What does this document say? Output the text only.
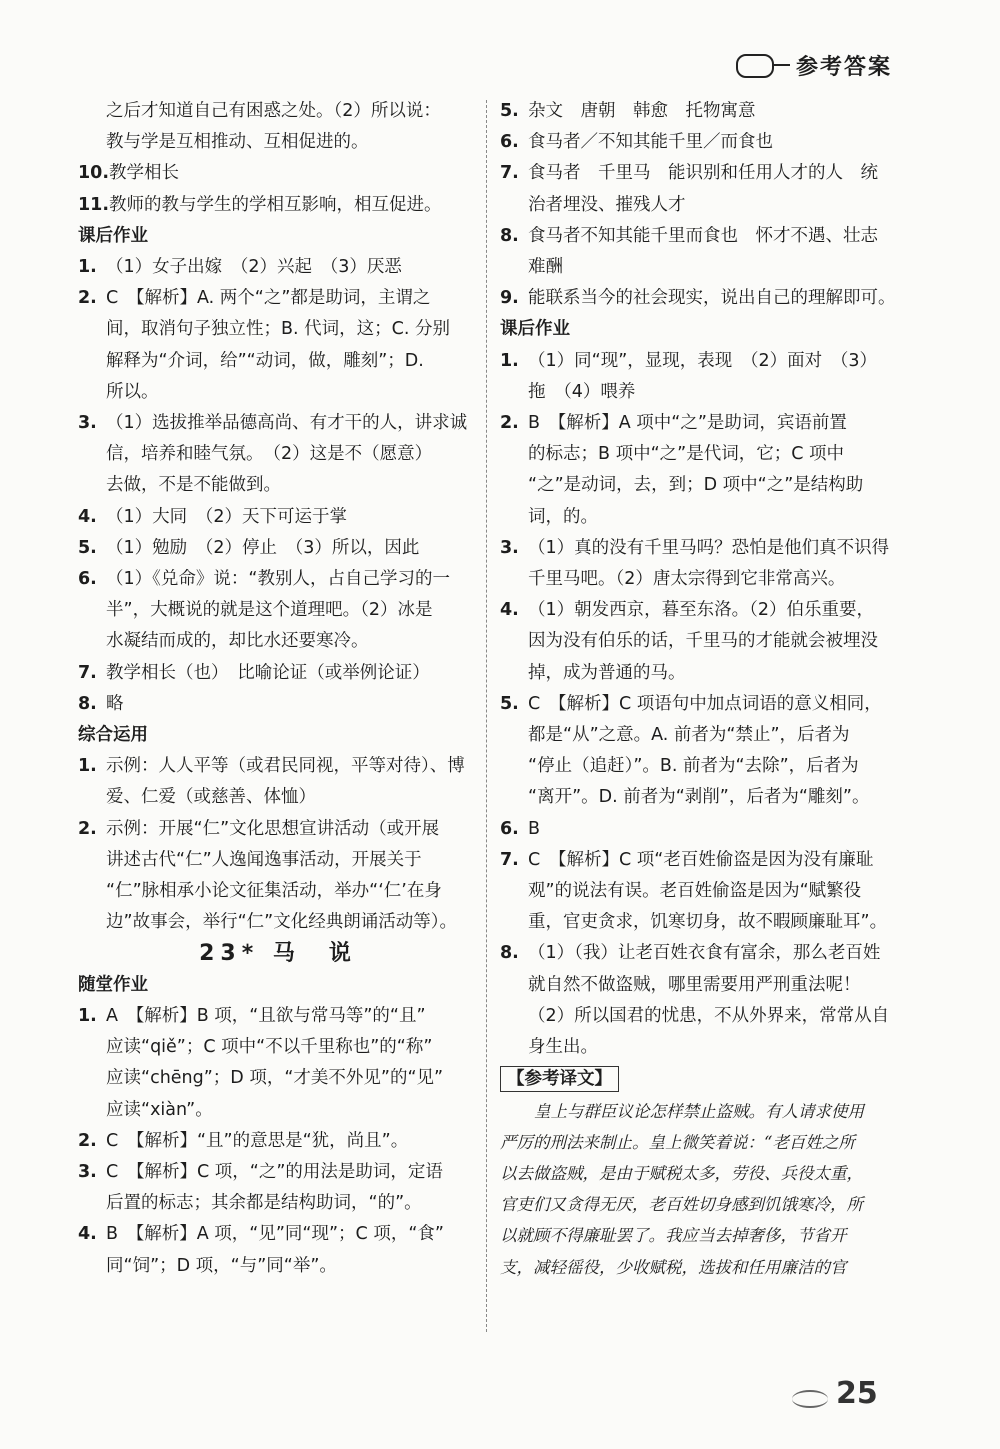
参考答案
之后才知道自己有困惑之处。（2）所以说：
教与学是互相推动、互相促进的。
10.教学相长
11.教师的教与学生的学相互影响，相互促进。
课后作业
1. （1）女子出嫁　（2）兴起　（3）厌恶
2. C　【解析】A. 两个“之”都是助词，主谓之
间，取消句子独立性；B. 代词，这；C. 分别
解释为“介词，给”“动词，做，雕刻”；D.
所以。
3. （1）选拔推举品德高尚、有才干的人，讲求诚
信，培养和睦气氛。　（2）这是不（愿意）
去做，不是不能做到。
4. （1）大同　（2）天下可运于掌
5. （1）勉励　（2）停止　（3）所以，因此
6. （1）《兑命》说：“教别人，占自己学习的一
半”，大概说的就是这个道理吧。（2）冰是
水凝结而成的，却比水还要寒冷。
7. 教学相长（也）　比喻论证（或举例论证）
8. 略
综合运用
1. 示例：人人平等（或君民同视，平等对待）、博
爱、仁爱（或慈善、体恤）
2. 示例：开展“仁”文化思想宣讲活动（或开展
讲述古代“仁”人逸闻逸事活动，开展关于
“仁”脉相承小论文征集活动，举办“‘仁’在身
边”故事会，举行“仁”文化经典朗诵活动等）。
23* 马　说
随堂作业
1. A　【解析】B 项，“且欲与常马等”的“且”
应读“qiě”；C 项中“不以千里称也”的“称”
应读“chēng”；D 项，“才美不外见”的“见”
应读“xiàn”。
2. C　【解析】“且”的意思是“犹，尚且”。
3. C　【解析】C 项，“之”的用法是助词，定语
后置的标志；其余都是结构助词，“的”。
4. B　【解析】A 项，“见”同“现”；C 项，“食”
同“饲”；D 项，“与”同“举”。
5. 杂文　唐朝　韩愈　托物寓意
6. 食马者／不知其能千里／而食也
7. 食马者　千里马　能识别和任用人才的人　统
治者埋没、摧残人才
8. 食马者不知其能千里而食也　怀才不遇、壮志
难酬
9. 能联系当今的社会现实，说出自己的理解即可。
课后作业
1. （1）同“现”，显现，表现　（2）面对　（3）
拖　（4）喂养
2. B　【解析】A 项中“之”是助词，宾语前置
的标志；B 项中“之”是代词，它；C 项中
“之”是动词，去，到；D 项中“之”是结构助
词，的。
3. （1）真的没有千里马吗？恐怕是他们真不识得
千里马吧。（2）唐太宗得到它非常高兴。
4. （1）朝发西京，暮至东洛。（2）伯乐重要，
因为没有伯乐的话，千里马的才能就会被埋没
掉，成为普通的马。
5. C　【解析】C 项语句中加点词语的意义相同，
都是“从”之意。A. 前者为“禁止”，后者为
“停止（追赶）”。B. 前者为“去除”，后者为
“离开”。D. 前者为“剥削”，后者为“雕刻”。
6. B
7. C　【解析】C 项“老百姓偷盗是因为没有廉耻
观”的说法有误。老百姓偷盗是因为“赋繁役
重，官吏贪求，饥寒切身，故不暇顾廉耻耳”。
8. （1）（我）让老百姓衣食有富余，那么老百姓
就自然不做盗贼，哪里需要用严刑重法呢！
（2）所以国君的忧患，不从外界来，常常从自
身生出。
【参考译文】
皇上与群臣议论怎样禁止盗贼。有人请求使用
严厉的刑法来制止。皇上微笑着说：“老百姓之所
以去做盗贼，是由于赋税太多，劳役、兵役太重，
官吏们又贪得无厌，老百姓切身感到饥饿寒冷，所
以就顾不得廉耻罢了。我应当去掉奢侈，节省开
支，减轻徭役，少收赋税，选拔和任用廉洁的官
25
